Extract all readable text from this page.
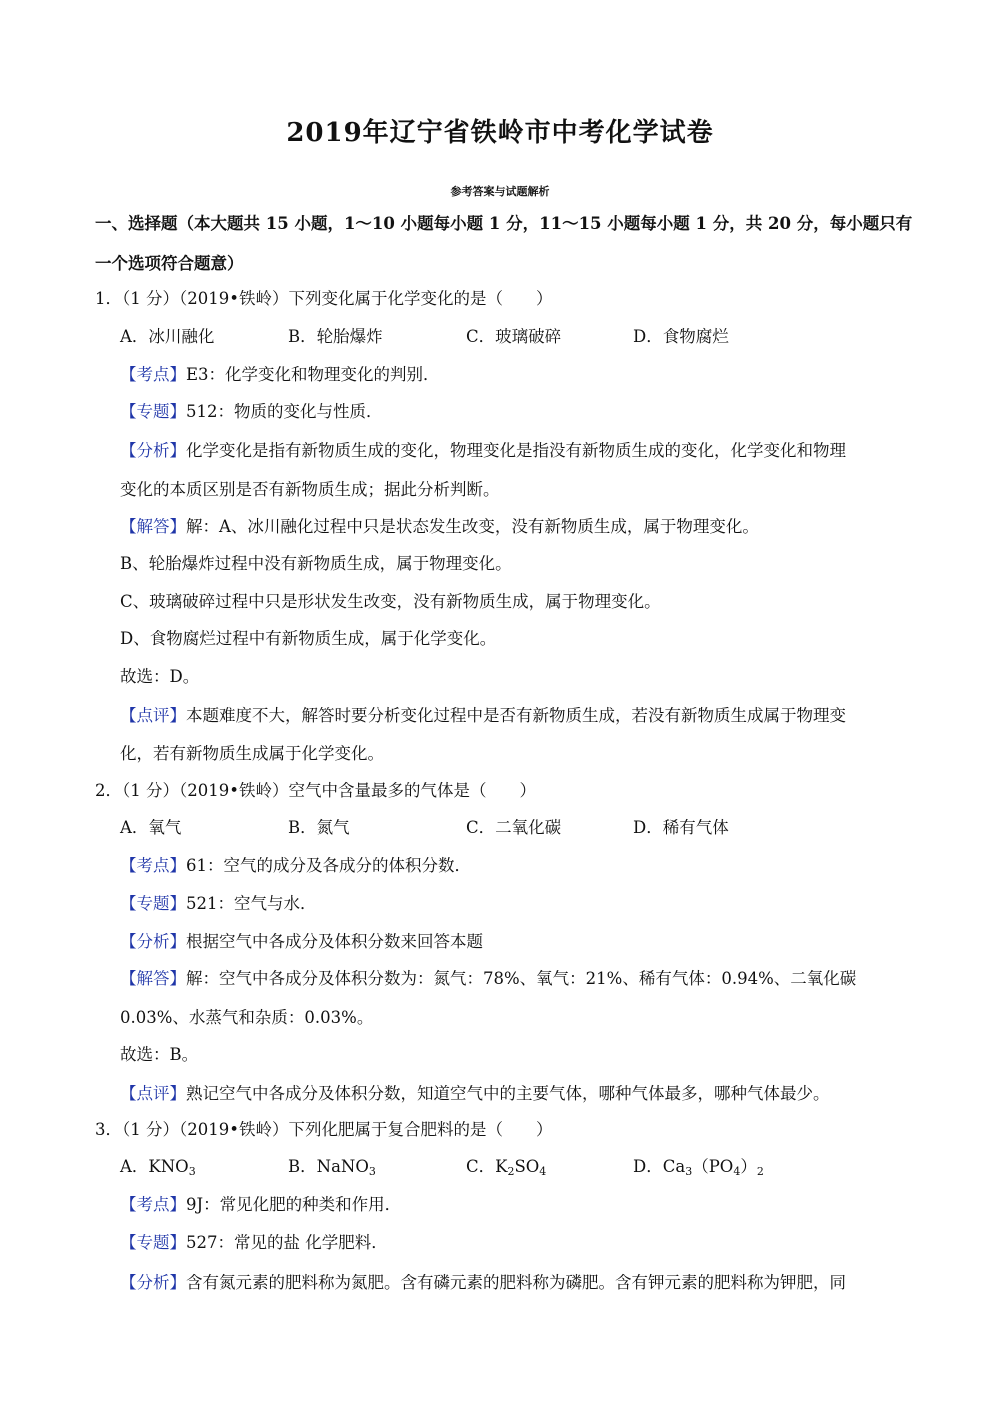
2019年辽宁省铁岭市中考化学试卷
参考答案与试题解析
一、选择题（本大题共 15 小题，1～10 小题每小题 1 分，11～15 小题每小题 1 分，共 20 分，每小题只有
一个选项符合题意）
1．（1 分）（2019•铁岭）下列变化属于化学变化的是（　　）
A．冰川融化	B．轮胎爆炸	C．玻璃破碎	D．食物腐烂
【考点】E3：化学变化和物理变化的判别．
【专题】512：物质的变化与性质．
【分析】化学变化是指有新物质生成的变化，物理变化是指没有新物质生成的变化，化学变化和物理
变化的本质区别是否有新物质生成；据此分析判断。
【解答】解：A、冰川融化过程中只是状态发生改变，没有新物质生成，属于物理变化。
B、轮胎爆炸过程中没有新物质生成，属于物理变化。
C、玻璃破碎过程中只是形状发生改变，没有新物质生成，属于物理变化。
D、食物腐烂过程中有新物质生成，属于化学变化。
故选：D。
【点评】本题难度不大，解答时要分析变化过程中是否有新物质生成，若没有新物质生成属于物理变
化，若有新物质生成属于化学变化。
2．（1 分）（2019•铁岭）空气中含量最多的气体是（　　）
A．氧气	B．氮气	C．二氧化碳	D．稀有气体
【考点】61：空气的成分及各成分的体积分数．
【专题】521：空气与水．
【分析】根据空气中各成分及体积分数来回答本题
【解答】解：空气中各成分及体积分数为：氮气：78%、氧气：21%、稀有气体：0.94%、二氧化碳
0.03%、水蒸气和杂质：0.03%。
故选：B。
【点评】熟记空气中各成分及体积分数，知道空气中的主要气体，哪种气体最多，哪种气体最少。
3．（1 分）（2019•铁岭）下列化肥属于复合肥料的是（　　）
A．$KNO_3$	B．NaNO$_3$	C．$K_2SO_4$	D．$Ca_3(PO_4)_2$
【考点】9J：常见化肥的种类和作用．
【专题】527：常见的盐 化学肥料．
【分析】含有氮元素的肥料称为氮肥。含有磷元素的肥料称为磷肥。含有钾元素的肥料称为钾肥，同
